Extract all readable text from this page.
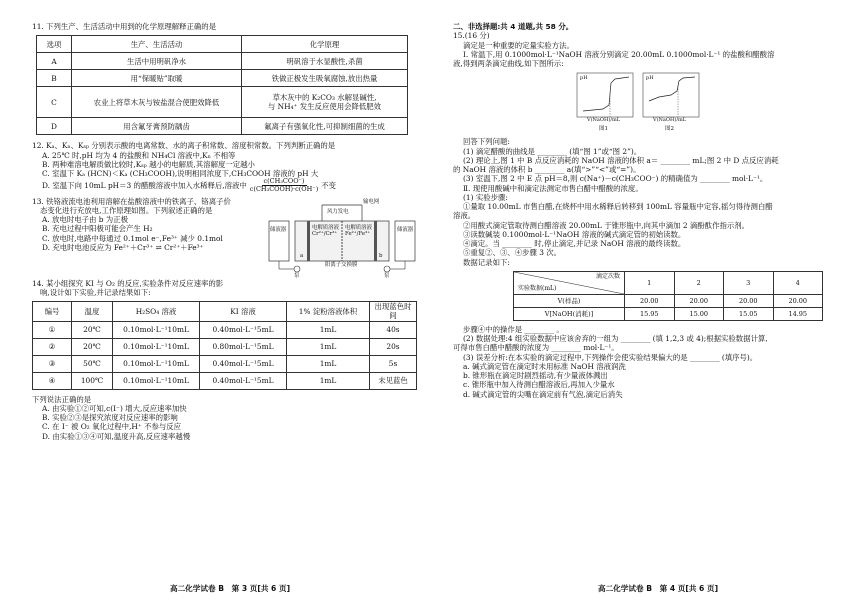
11. 下列生产、生活活动中用到的化学原理解释正确的是

选项	生产、生活活动	化学原理
A	生活中用明矾净水	明矾溶于水显酸性,杀菌
B	用“保暖贴”取暖	铁做正极发生吸氧腐蚀,放出热量
C	农业上将草木灰与铵盐混合使肥效降低	草木灰中的 K₂CO₃ 水解显碱性,
与 NH₄⁺ 发生反应使用会降低肥效
D	用含氟牙膏预防龋齿	氟离子有强氧化性,可抑制细菌的生成

12. Kₐ、Kₙ、Kₛₚ 分别表示酸的电离常数、水的离子积常数、溶度积常数。下列判断正确的是

A. 25℃ 时,pH 均为 4 的盐酸和 NH₄Cl 溶液中,Kₙ 不相等

B. 两种难溶电解质做比较时,Kₛₚ 越小的电解质,其溶解度一定越小

C. 室温下 Kₐ (HCN)＜Kₐ (CH₃COOH),说明相同浓度下,CH₃COOH 溶液的 pH 大

D. 室温下向 10mL pH＝3 的醋酸溶液中加入水稀释后,溶液中
c(CH₃COO⁻)
c(CH₃COOH)·c(OH⁻) 不变

13. 铁铬液流电池利用溶解在盐酸溶液中的铁离子、铬离子价

态变化进行充放电,工作原理如图。下列叙述正确的是

A. 放电时电子由 b 为正极

B. 充电过程中阳极可能会产生 H₂

C. 放电时,电路中每通过 0.1mol e⁻,Fe³⁺ 减少 0.1mol

D. 充电时电池反应为 Fe²⁺＋Cr³⁺ ⇌ Cr²⁺＋Fe³⁺

输电网
风力发电
储液器	储液器
电解质溶液 Cr²⁺/Cr³⁺
电解质溶液 Fe²⁺/Fe³⁺
阳离子交换膜
a	b
泵	泵

14. 某小组探究 KI 与 O₂ 的反应,实验条件对反应速率的影

响,设计如下实验,并记录结果如下:

编号	温度	H₂SO₄ 溶液	KI 溶液	1% 淀粉溶液体积	出现蓝色时间
①	20℃	0.10mol·L⁻¹10mL	0.40mol·L⁻¹5mL	1mL	40s
②	20℃	0.10mol·L⁻¹10mL	0.80mol·L⁻¹5mL	1mL	20s
③	50℃	0.10mol·L⁻¹10mL	0.40mol·L⁻¹5mL	1mL	5s
④	100℃	0.10mol·L⁻¹10mL	0.40mol·L⁻¹5mL	1mL	未见蓝色

下列说法正确的是

A. 由实验①②可知,c(I⁻) 增大,反应速率加快

B. 实验②③是探究浓度对反应速率的影响

C. 在 I⁻ 被 O₂ 氧化过程中,H⁺ 不参与反应

D. 由实验①③④可知,温度升高,反应速率越慢

高二化学试卷 B　第 3 页[共 6 页]

二、非选择题:共 4 道题,共 58 分。

15.(16 分)

滴定是一种重要的定量实验方法。

Ⅰ. 常温下,用 0.1000mol·L⁻¹NaOH 溶液分别滴定 20.00mL 0.1000mol·L⁻¹ 的盐酸和醋酸溶

液,得到两条滴定曲线,如下图所示:

pH	pH
V(NaOH)/mL	V(NaOH)/mL
图1	图2

回答下列问题:

(1) 滴定醋酸的曲线是 ________ (填“图 1”或“图 2”)。

(2) 理论上,图 1 中 B 点反应消耗的 NaOH 溶液的体积 a＝ ________ mL;图 2 中 D 点反应消耗

的 NaOH 溶液的体积 b ________ a(填“>”“<”或“=”)。

(3) 室温下,图 2 中 E 点 pH＝8,则 c(Na⁺)－c(CH₃COO⁻) 的精确值为 ________ mol·L⁻¹。

Ⅱ. 现使用酸碱中和滴定法测定市售白醋中醋酸的浓度。

(1) 实验步骤:

①量取 10.00mL 市售白醋,在烧杯中用水稀释后转移到 100mL 容量瓶中定容,摇匀得待测白醋

溶液。

②用酸式滴定管取待测白醋溶液 20.00mL 于锥形瓶中,向其中滴加 2 滴酚酞作指示剂。

③读数碱装 0.1000mol·L⁻¹NaOH 溶液的碱式滴定管的初始读数。

④滴定。当 ________ 时,停止滴定,并记录 NaOH 溶液的最终读数。

⑤重复②、③、④步骤 3 次。

数据记录如下:

滴定次数
实验数据(mL)	1	2	3	4
V(样品)	20.00	20.00	20.00	20.00
V[NaOH(消耗)]	15.95	15.00	15.05	14.95

步骤④中的操作是 ________ 。

(2) 数据处理:4 组实验数据中应该舍弃的一组为 ________ (填 1,2,3 或 4);根据实验数据计算,

可得市售白醋中醋酸的浓度为 ________ mol·L⁻¹。

(3) 误差分析:在本实验的滴定过程中,下列操作会使实验结果偏大的是 ________ (填序号)。

a. 碱式滴定管在滴定时未用标准 NaOH 溶液润洗

b. 锥形瓶在滴定时剧烈摇动,有少量液体溅出

c. 锥形瓶中加入待测白醋溶液后,再加入少量水

d. 碱式滴定管的尖嘴在滴定前有气泡,滴定后消失

高二化学试卷 B　第 4 页[共 6 页]
